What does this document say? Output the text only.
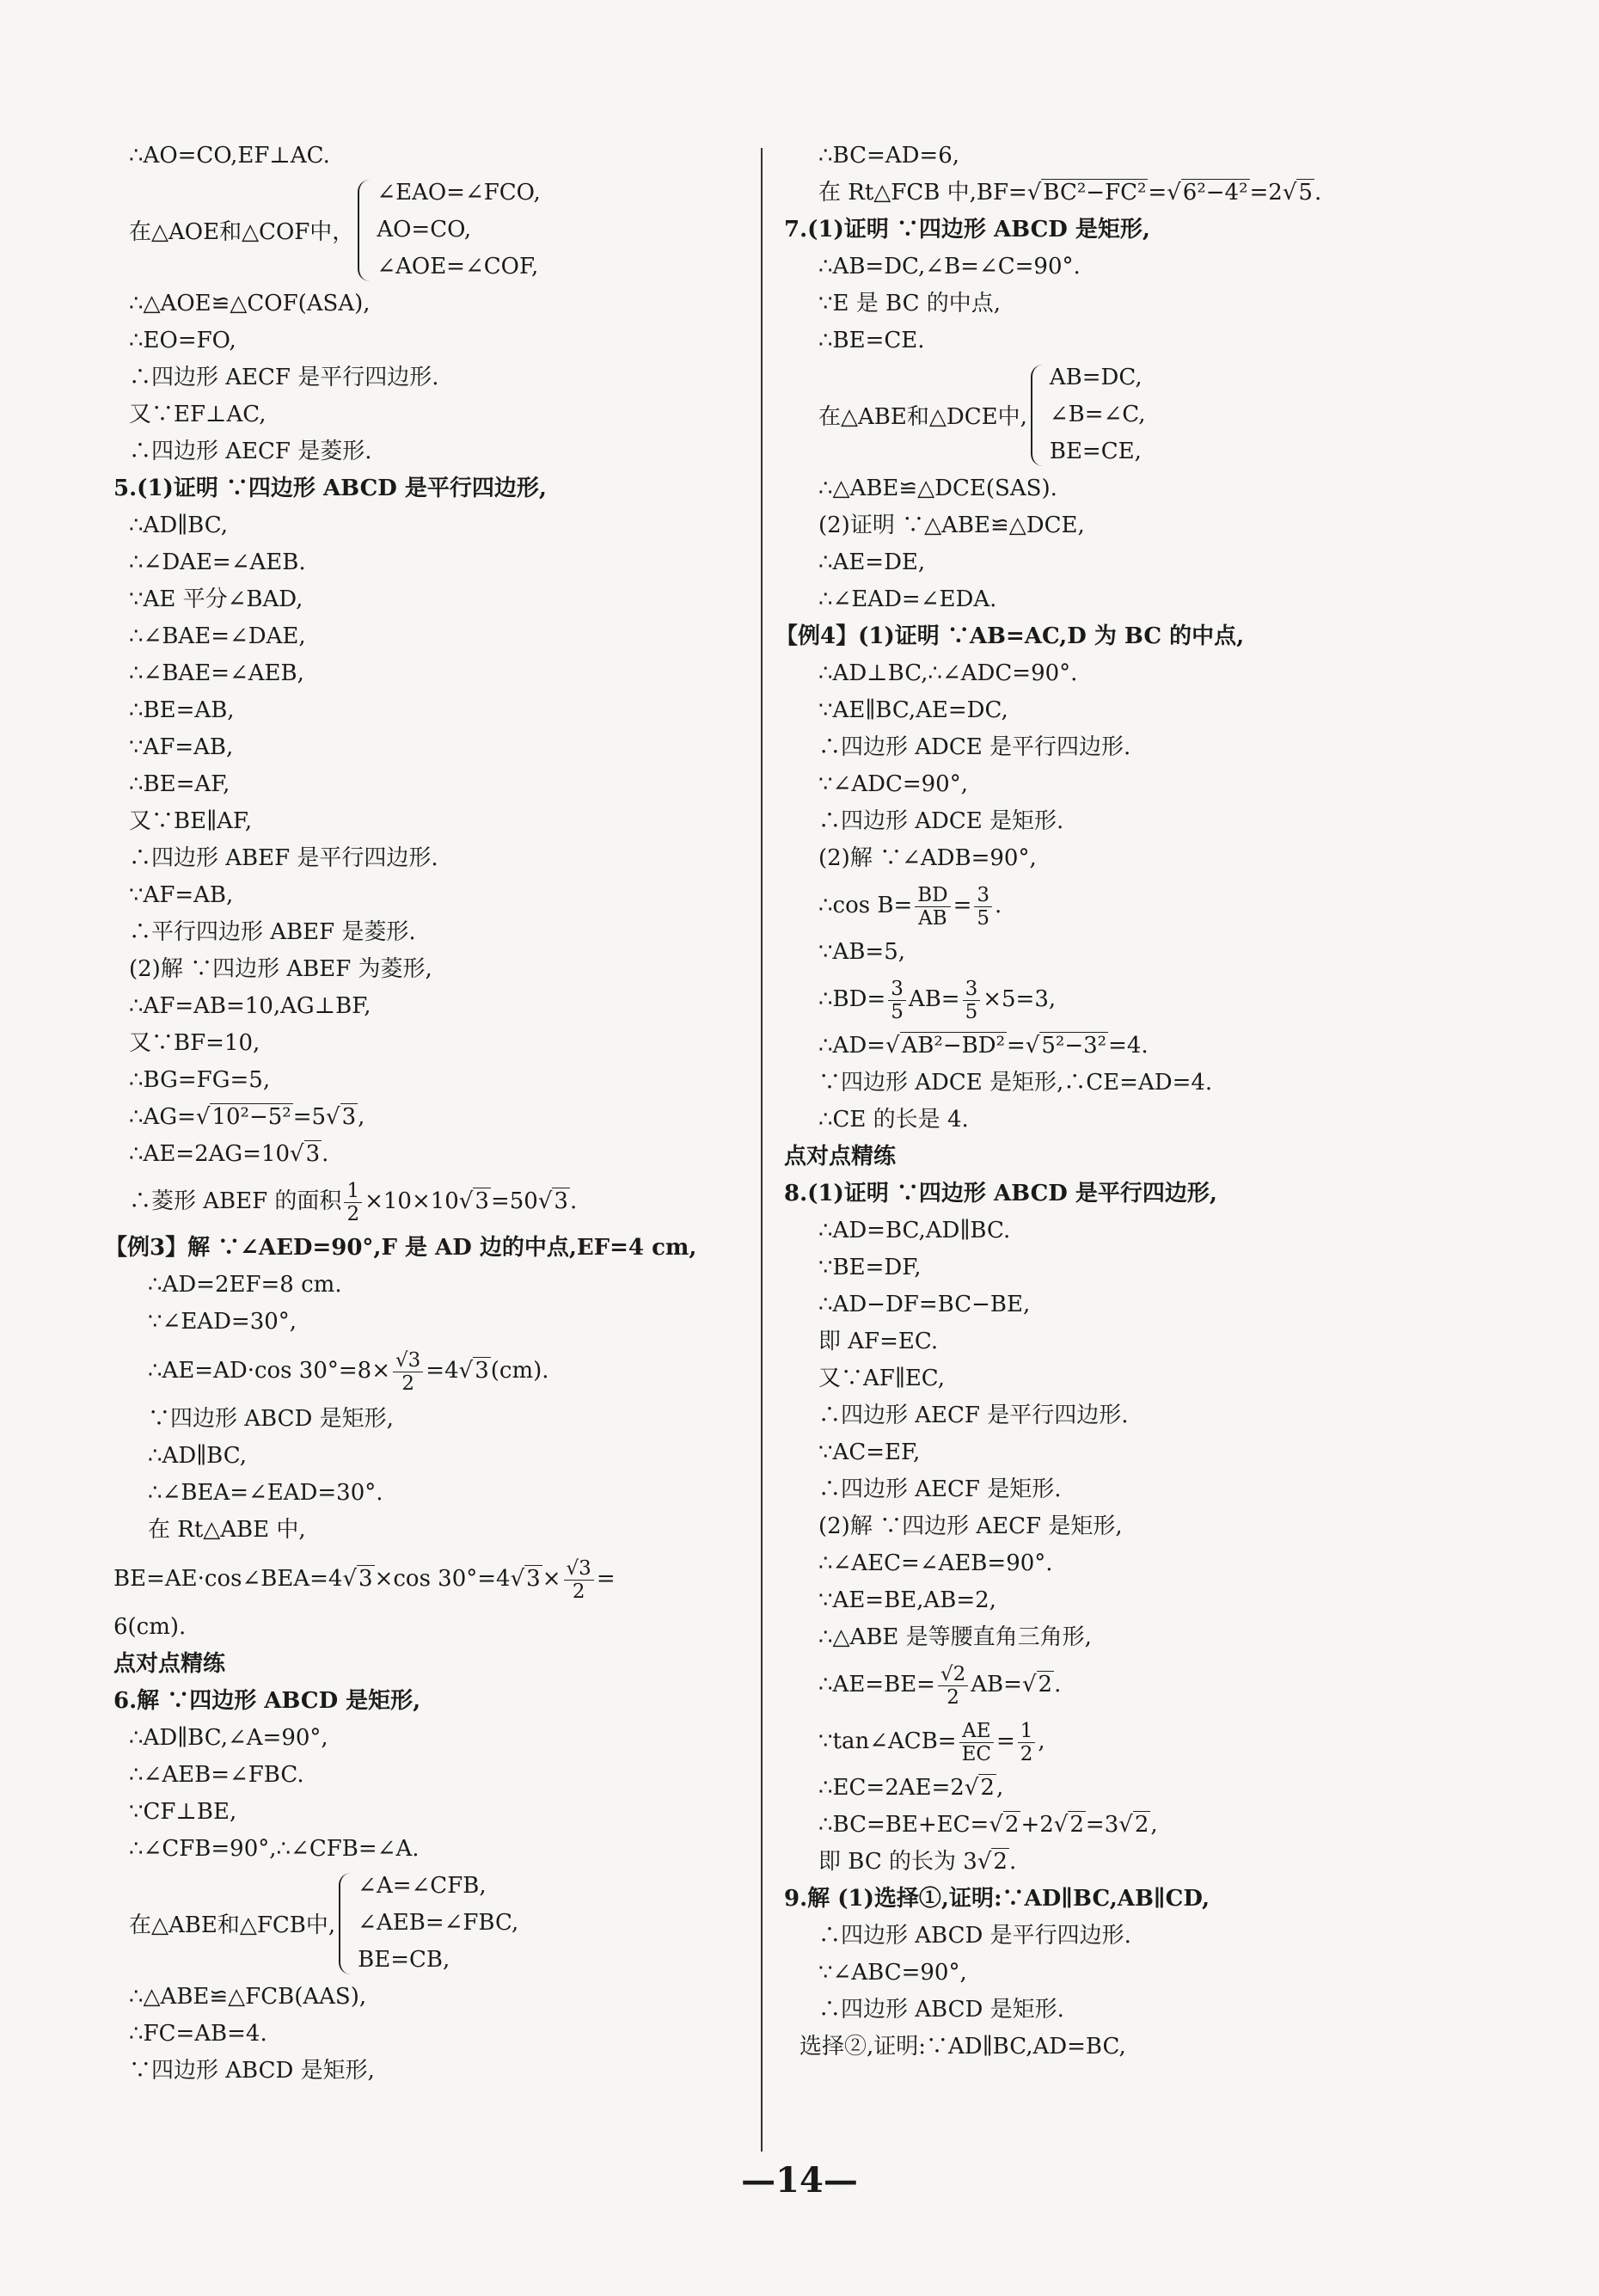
∴AO=CO,EF⊥AC.
在△AOE和△COF中，
∠EAO=∠FCO,
AO=CO,
∠AOE=∠COF,
∴△AOE≌△COF(ASA),
∴EO=FO,
∴四边形 AECF 是平行四边形.
又∵EF⊥AC,
∴四边形 AECF 是菱形.
5.(1)证明 ∵四边形 ABCD 是平行四边形,
∴AD∥BC,
∴∠DAE=∠AEB.
∵AE 平分∠BAD,
∴∠BAE=∠DAE,
∴∠BAE=∠AEB,
∴BE=AB,
∵AF=AB,
∴BE=AF,
又∵BE∥AF,
∴四边形 ABEF 是平行四边形.
∵AF=AB,
∴平行四边形 ABEF 是菱形.
(2)解 ∵四边形 ABEF 为菱形,
∴AF=AB=10,AG⊥BF,
又∵BF=10,
∴BG=FG=5,
∴AG=√10²−5²=5√3,
∴AE=2AG=10√3.
∴菱形 ABEF 的面积 $\frac{1}{2} \times 10\times 10√3=50√3$.
【例3】解 ∵∠AED=90°,F 是 AD 边的中点,EF=4 cm,
∴AD=2EF=8 cm.
∵∠EAD=30°,
∴AE=AD·cos $30^\circ=8\times \frac{√3}{2} =4√3(cm)$.
∵四边形 ABCD 是矩形,
∴AD∥BC,
∴∠BEA=∠EAD=30°.
在 Rt△ABE 中,
BE=AE·cos∠BEA=4√3×cos $30^\circ=4√3\times \frac{√3}{2}$ =
6(cm).
点对点精练
6.解 ∵四边形 ABCD 是矩形,
∴AD∥BC,∠A=90°,
∴∠AEB=∠FBC.
∵CF⊥BE,
∴∠CFB=90°,∴∠CFB=∠A.
在△ABE和△FCB中,
∠A=∠CFB,
∠AEB=∠FBC,
BE=CB,
∴△ABE≌△FCB(AAS),
∴FC=AB=4.
∵四边形 ABCD 是矩形,
∴BC=AD=6,
在 Rt△FCB 中,BF=√BC²−FC²=√6²−4²=2√5.
7.(1)证明 ∵四边形 ABCD 是矩形,
∴AB=DC,∠B=∠C=90°.
∵E 是 BC 的中点,
∴BE=CE.
在△ABE和△DCE中,
AB=DC,
∠B=∠C,
BE=CE,
∴△ABE≌△DCE(SAS).
(2)证明 ∵△ABE≌△DCE,
∴AE=DE,
∴∠EAD=∠EDA.
【例4】(1)证明 ∵AB=AC,D 为 BC 的中点,
∴AD⊥BC,∴∠ADC=90°.
∵AE∥BC,AE=DC,
∴四边形 ADCE 是平行四边形.
∵∠ADC=90°,
∴四边形 ADCE 是矩形.
(2)解 ∵∠ADB=90°,
∴cos $B= \frac{BD}{AB} = \frac{3}{5}$ .
∵AB=5,
∴BD= $\frac{3}{5} AB= \frac{3}{5} \times 5=3$,
∴AD=√AB²−BD²=√5²−3²=4.
∵四边形 ADCE 是矩形,∴CE=AD=4.
∴CE 的长是 4.
点对点精练
8.(1)证明 ∵四边形 ABCD 是平行四边形,
∴AD=BC,AD∥BC.
∵BE=DF,
∴AD−DF=BC−BE,
即 AF=EC.
又∵AF∥EC,
∴四边形 AECF 是平行四边形.
∵AC=EF,
∴四边形 AECF 是矩形.
(2)解 ∵四边形 AECF 是矩形,
∴∠AEC=∠AEB=90°.
∵AE=BE,AB=2,
∴△ABE 是等腰直角三角形,
∴AE=BE= $\frac{√2}{2} AB=√2$.
∵tan∠ACB= $\frac{AE}{EC} = \frac{1}{2}$ ,
∴EC=2AE=2√2,
∴BC=BE+EC=√2+2√2=3√2,
即 BC 的长为 3√2.
9.解 (1)选择①,证明:∵AD∥BC,AB∥CD,
∴四边形 ABCD 是平行四边形.
∵∠ABC=90°,
∴四边形 ABCD 是矩形.
选择②,证明:∵AD∥BC,AD=BC,
—14—
